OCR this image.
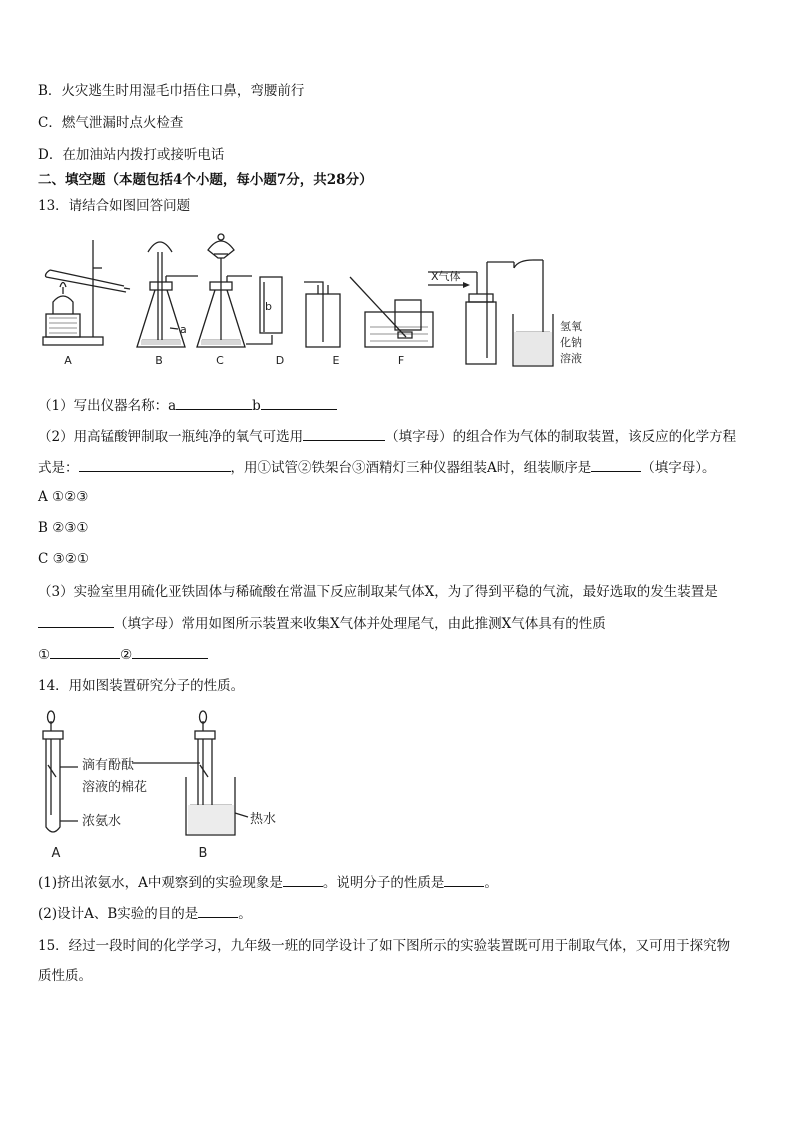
B．火灾逃生时用湿毛巾捂住口鼻，弯腰前行
C．燃气泄漏时点火检查
D．在加油站内拨打或接听电话
二、填空题（本题包括4个小题，每小题7分，共28分）
13．请结合如图回答问题
A	B	C	D	E	F
a
b
X气体
氢氧
化钠
溶液
（1）写出仪器名称：a	b
（2）用高锰酸钾制取一瓶纯净的氧气可选用	（填字母）的组合作为气体的制取装置，该反应的化学方程
式是：	，用①试管②铁架台③酒精灯三种仪器组装A时，组装顺序是	（填字母）。
A ①②③
B ②③①
C ③②①
（3）实验室里用硫化亚铁固体与稀硫酸在常温下反应制取某气体X，为了得到平稳的气流，最好选取的发生装置是
（填字母）常用如图所示装置来收集X气体并处理尾气，由此推测X气体具有的性质
①	②
14．用如图装置研究分子的性质。
滴有酚酞
溶液的棉花
浓氨水	热水
A	B
(1)挤出浓氨水，A中观察到的实验现象是	。说明分子的性质是	。
(2)设计A、B实验的目的是	。
15．经过一段时间的化学学习，九年级一班的同学设计了如下图所示的实验装置既可用于制取气体，又可用于探究物
质性质。
